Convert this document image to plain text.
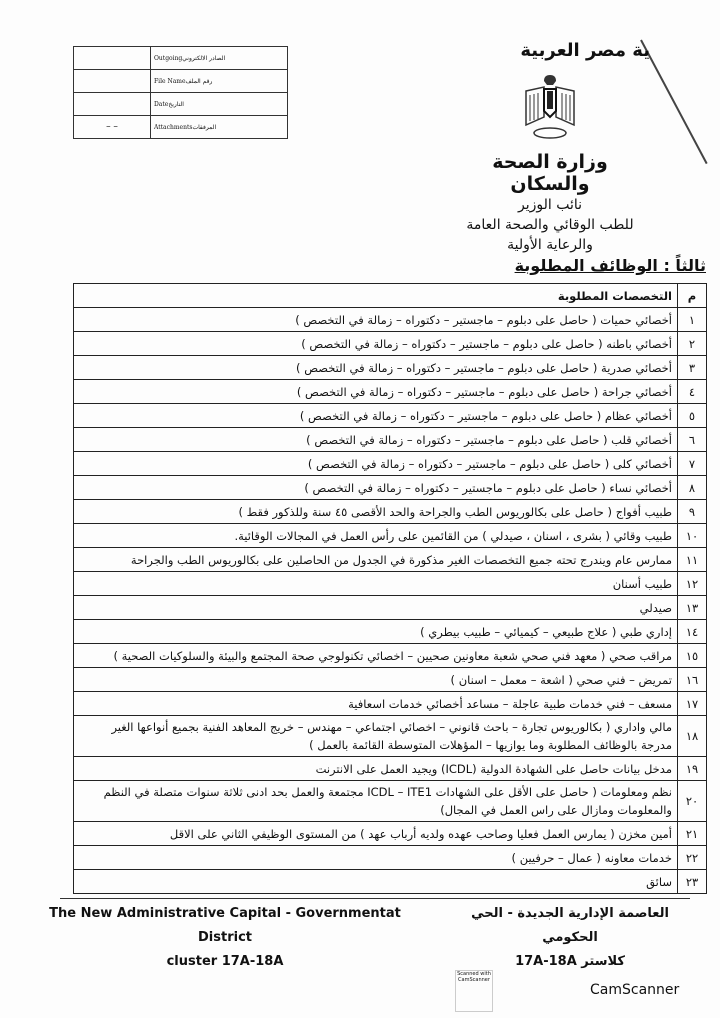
	Outgoingالصادر الالكتروني

	File Nameرقم الملف

	Dateالتاريخ

– –	Attachmentsالمرفقات
ية مصر العربية
وزارة الصحة والسكان
نائب الوزير
للطب الوقائي والصحة العامة
والرعاية الأولية
ثالثاً : الوظائف المطلوبة
م	التخصصات المطلوبة
١	أخصائي حميات ( حاصل على دبلوم – ماجستير – دكتوراه – زمالة في التخصص )
٢	أخصائي باطنه ( حاصل على دبلوم – ماجستير – دكتوراه – زمالة في التخصص )
٣	أخصائي صدرية ( حاصل على دبلوم – ماجستير – دكتوراه – زمالة في التخصص )
٤	أخصائي جراحة ( حاصل على دبلوم – ماجستير – دكتوراه – زمالة في التخصص )
٥	أخصائي عظام ( حاصل على دبلوم – ماجستير – دكتوراه – زمالة في التخصص )
٦	أخصائي قلب ( حاصل على دبلوم – ماجستير – دكتوراه – زمالة في التخصص )
٧	أخصائي كلى ( حاصل على دبلوم – ماجستير – دكتوراه – زمالة في التخصص )
٨	أخصائي نساء ( حاصل على دبلوم – ماجستير – دكتوراه – زمالة في التخصص )
٩	طبيب أفواج ( حاصل على بكالوريوس الطب والجراحة والحد الأقصى ٤٥ سنة وللذكور فقط )
١٠	طبيب وقائي ( بشرى ، اسنان ، صيدلي ) من القائمين على رأس العمل في المجالات الوقائية.
١١	ممارس عام ويندرج تحته جميع التخصصات الغير مذكورة في الجدول من الحاصلين على بكالوريوس الطب والجراحة
١٢	طبيب أسنان
١٣	صيدلي
١٤	إداري طبي ( علاج طبيعي – كيميائي – طبيب بيطري )
١٥	مراقب صحي ( معهد فني صحي شعبة معاونين صحيين – اخصائي تكنولوجي صحة المجتمع والبيئة والسلوكيات الصحية )
١٦	تمريض – فني صحي ( اشعة – معمل – اسنان )
١٧	مسعف – فني خدمات طبية عاجلة – مساعد أخصائي خدمات اسعافية
١٨	مالي واداري ( بكالوريوس تجارة – باحث قانوني – اخصائي اجتماعي – مهندس – خريج المعاهد الفنية بجميع أنواعها الغير مدرجة بالوظائف المطلوبة وما يوازيها – المؤهلات المتوسطة القائمة بالعمل )
١٩	مدخل بيانات حاصل على الشهادة الدولية (ICDL) ويجيد العمل على الانترنت
٢٠	نظم ومعلومات ( حاصل على الأقل على الشهادات ICDL – ITE1 مجتمعة والعمل بحد ادنى ثلاثة سنوات متصلة في النظم والمعلومات ومازال على راس العمل في المجال)
٢١	أمين مخزن ( يمارس العمل فعليا وصاحب عهده ولديه أرباب عهد ) من المستوى الوظيفي الثاني على الاقل
٢٢	خدمات معاونه ( عمال – حرفيين )
٢٣	سائق
The New Administrative Capital - Governmentat District
cluster 17A-18A
العاصمة الإدارية الجديدة - الحي الحكومي
كلاستر 17A-18A
Scanned with CamScanner
CamScanner
